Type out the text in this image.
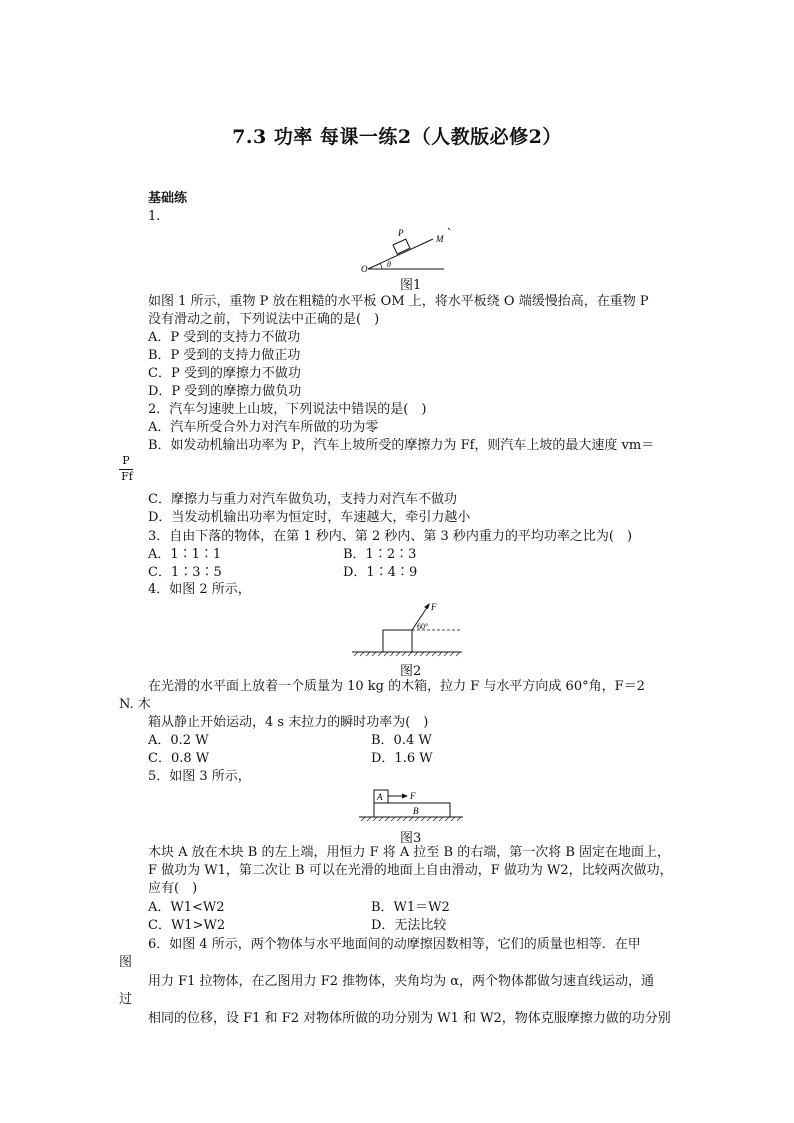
7.3 功率 每课一练2（人教版必修2）
基础练
1.
P
M
O θ
图1
如图 1 所示，重物 P 放在粗糙的水平板 OM 上，将水平板绕 O 端缓慢抬高，在重物 P
没有滑动之前，下列说法中正确的是(　)
A．P 受到的支持力不做功
B．P 受到的支持力做正功
C．P 受到的摩擦力不做功
D．P 受到的摩擦力做负功
2．汽车匀速驶上山坡，下列说法中错误的是(　)
A．汽车所受合外力对汽车所做的功为零
B．如发动机输出功率为 P，汽车上坡所受的摩擦力为 Ff，则汽车上坡的最大速度 vm＝
P
Ff
C．摩擦力与重力对汽车做负功，支持力对汽车不做功
D．当发动机输出功率为恒定时，车速越大，牵引力越小
3．自由下落的物体，在第 1 秒内、第 2 秒内、第 3 秒内重力的平均功率之比为(　)
A．1∶1∶1	B．1∶2∶3
C．1∶3∶5	D．1∶4∶9
4．如图 2 所示，
F
60°
图2
在光滑的水平面上放着一个质量为 10 kg 的木箱，拉力 F 与水平方向成 60°角，F＝2
N. 木
箱从静止开始运动，4 s 末拉力的瞬时功率为(　)
A．0.2 W	B．0.4 W
C．0.8 W	D．1.6 W
5．如图 3 所示，
A	F
B
图3
木块 A 放在木块 B 的左上端，用恒力 F 将 A 拉至 B 的右端，第一次将 B 固定在地面上，
F 做功为 W1，第二次让 B 可以在光滑的地面上自由滑动，F 做功为 W2，比较两次做功，
应有(　)
A．W1<W2	B．W1＝W2
C．W1>W2	D．无法比较
6．如图 4 所示，两个物体与水平地面间的动摩擦因数相等，它们的质量也相等．在甲
图
用力 F1 拉物体，在乙图用力 F2 推物体，夹角均为 α，两个物体都做匀速直线运动，通
过
相同的位移，设 F1 和 F2 对物体所做的功分别为 W1 和 W2，物体克服摩擦力做的功分别
